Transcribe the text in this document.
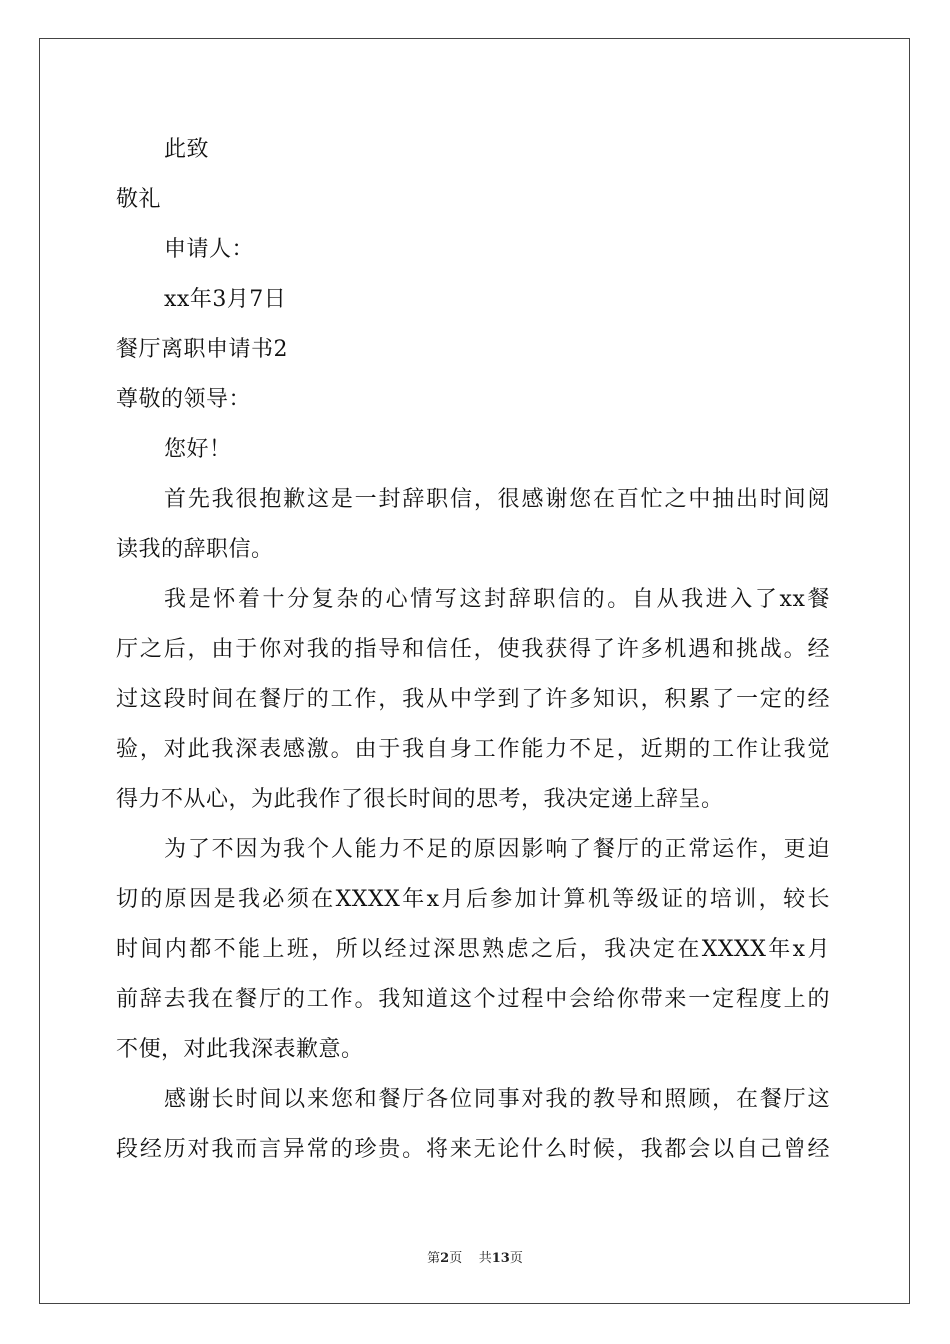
此致
敬礼
申请人：
xx年3月7日
餐厅离职申请书2
尊敬的领导：
您好！
首先我很抱歉这是一封辞职信，很感谢您在百忙之中抽出时间阅
读我的辞职信。
我是怀着十分复杂的心情写这封辞职信的。自从我进入了xx餐
厅之后，由于你对我的指导和信任，使我获得了许多机遇和挑战。经
过这段时间在餐厅的工作，我从中学到了许多知识，积累了一定的经
验，对此我深表感激。由于我自身工作能力不足，近期的工作让我觉
得力不从心，为此我作了很长时间的思考，我决定递上辞呈。
为了不因为我个人能力不足的原因影响了餐厅的正常运作，更迫
切的原因是我必须在XXXX年x月后参加计算机等级证的培训，较长
时间内都不能上班，所以经过深思熟虑之后，我决定在XXXX年x月
前辞去我在餐厅的工作。我知道这个过程中会给你带来一定程度上的
不便，对此我深表歉意。
感谢长时间以来您和餐厅各位同事对我的教导和照顾，在餐厅这
段经历对我而言异常的珍贵。将来无论什么时候，我都会以自己曾经
第2页 共13页
